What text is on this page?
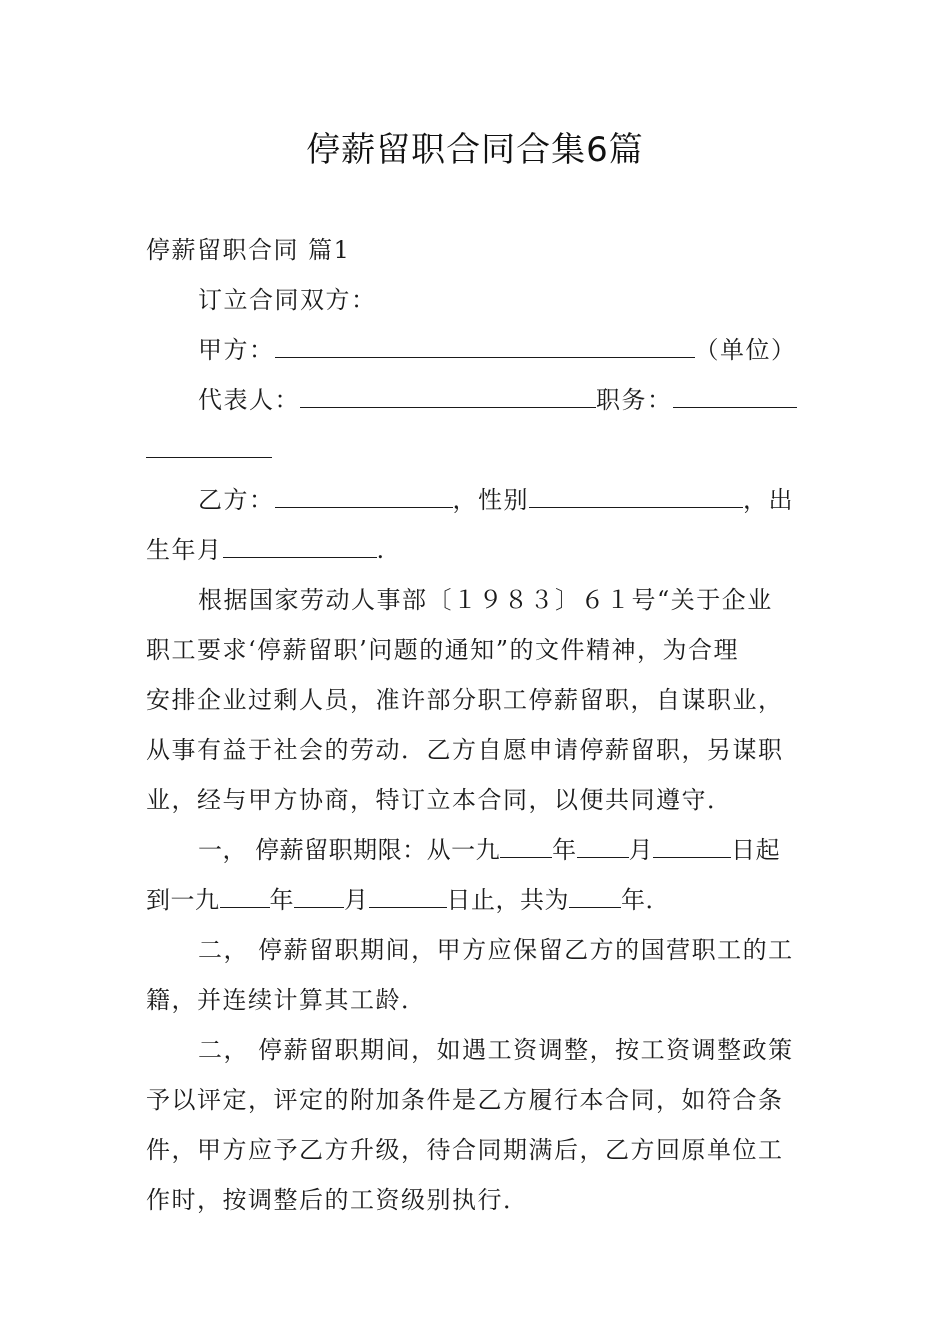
停薪留职合同合集6篇
停薪留职合同 篇1
订立合同双方：
甲方：	（单位）
代表人：	职务：
乙方：	，性别	，出
生年月	.
根据国家劳动人事部〔１９８３〕６１号“关于企业
职工要求‘停薪留职’问题的通知”的文件精神，为合理
安排企业过剩人员，准许部分职工停薪留职，自谋职业，
从事有益于社会的劳动．乙方自愿申请停薪留职，另谋职
业，经与甲方协商，特订立本合同，以便共同遵守．
一， 停薪留职期限：从一九 年 月	日起
到一九 年 月	日止，共为 年．
二， 停薪留职期间，甲方应保留乙方的国营职工的工
籍，并连续计算其工龄．
二， 停薪留职期间，如遇工资调整，按工资调整政策
予以评定，评定的附加条件是乙方履行本合同，如符合条
件，甲方应予乙方升级，待合同期满后，乙方回原单位工
作时，按调整后的工资级别执行．
